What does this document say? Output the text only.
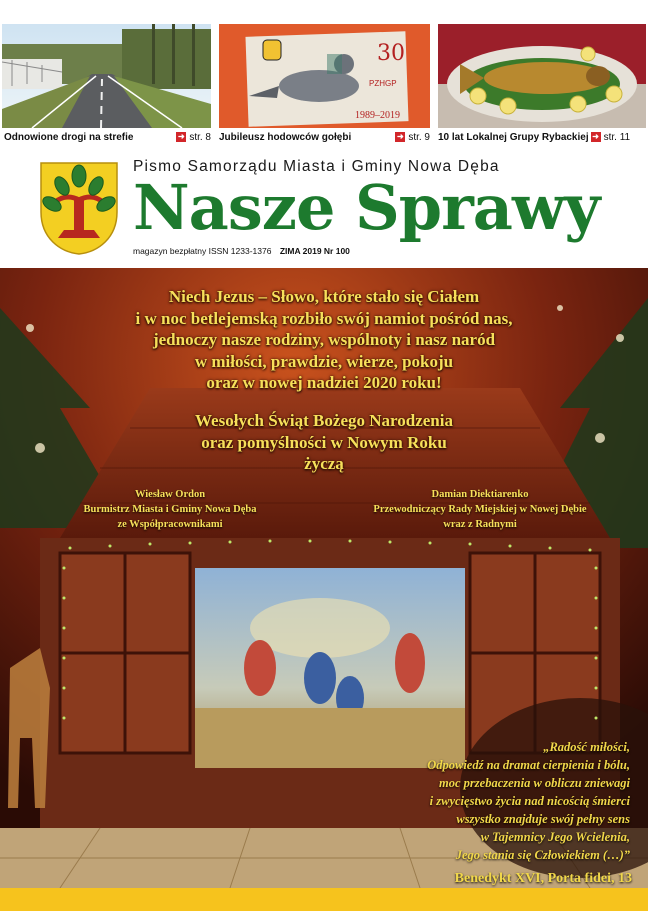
30
PZHGP
1989–2019
Odnowione drogi na strefie	➜ str. 8 Jubileusz hodowców gołębi	➜ str. 9 10 lat Lokalnej Grupy Rybackiej ➜ str. 11
Pismo Samorządu Miasta i Gminy Nowa Dęba
Nasze Sprawy
magazyn bezpłatny ISSN 1233-1376 ZIMA 2019 Nr 100
Niech Jezus – Słowo, które stało się Ciałem
i w noc betlejemską rozbiło swój namiot pośród nas,
jednoczy nasze rodziny, wspólnoty i nasz naród
w miłości, prawdzie, wierze, pokoju
oraz w nowej nadziei 2020 roku!
Wesołych Świąt Bożego Narodzenia
oraz pomyślności w Nowym Roku
życzą
Wiesław Ordon
Burmistrz Miasta i Gminy Nowa Dęba
ze Współpracownikami
Damian Diektiarenko
Przewodniczący Rady Miejskiej w Nowej Dębie
wraz z Radnymi
„Radość miłości,
Odpowiedź na dramat cierpienia i bólu,
moc przebaczenia w obliczu zniewagi
i zwycięstwo życia nad nicością śmierci
wszystko znajduje swój pełny sens
w Tajemnicy Jego Wcielenia,
Jego stania się Człowiekiem (…)”
Benedykt XVI, Porta fidei, 13
